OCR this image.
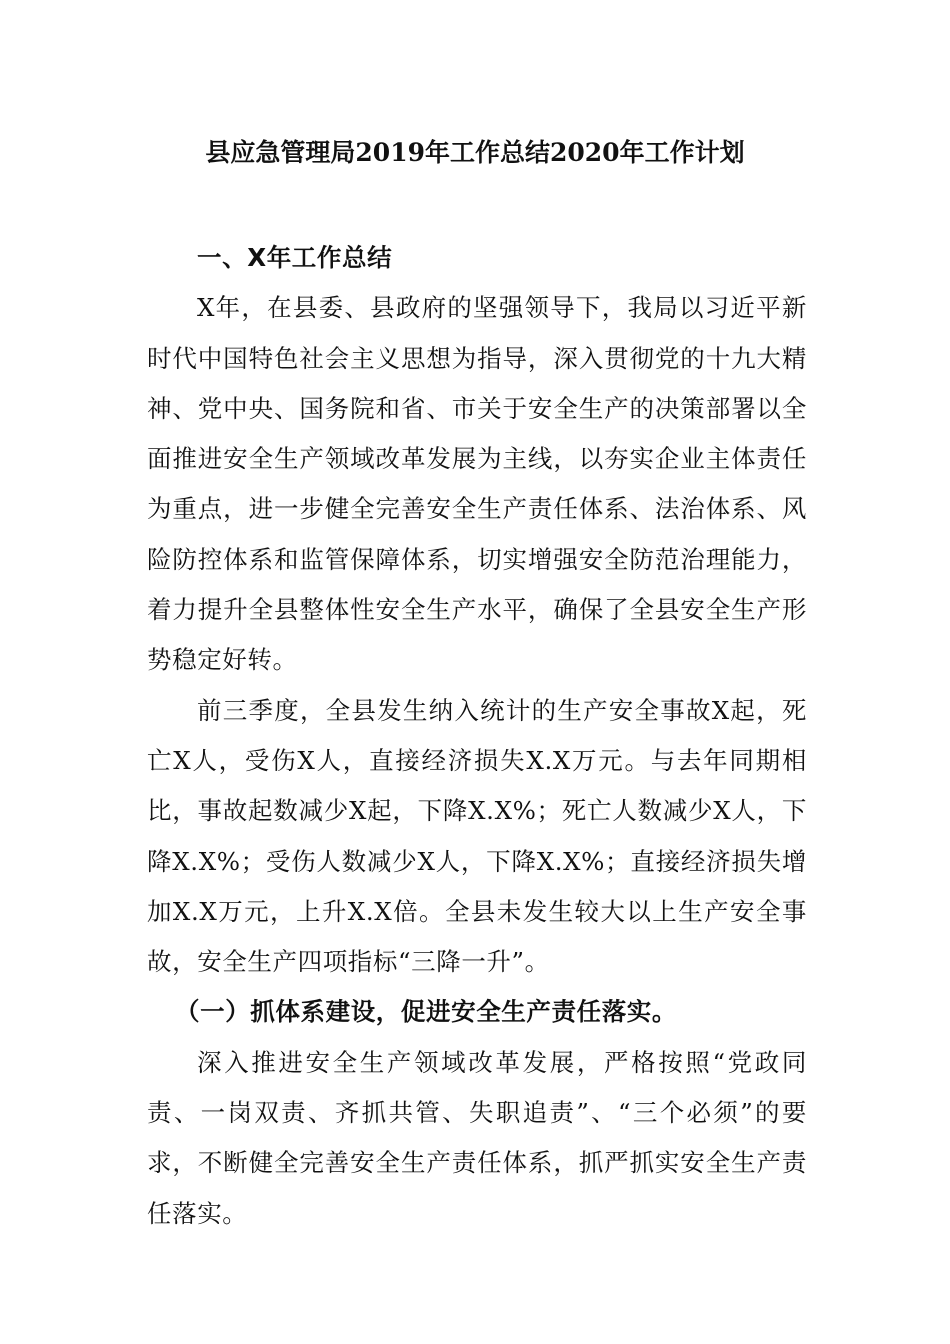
县应急管理局2019年工作总结2020年工作计划

一、X年工作总结

X年，在县委、县政府的坚强领导下，我局以习近平新时代中国特色社会主义思想为指导，深入贯彻党的十九大精神、党中央、国务院和省、市关于安全生产的决策部署以全面推进安全生产领域改革发展为主线，以夯实企业主体责任为重点，进一步健全完善安全生产责任体系、法治体系、风险防控体系和监管保障体系，切实增强安全防范治理能力，着力提升全县整体性安全生产水平，确保了全县安全生产形势稳定好转。

前三季度，全县发生纳入统计的生产安全事故X起，死亡X人，受伤X人，直接经济损失X.X万元。与去年同期相比，事故起数减少X起，下降X.X%；死亡人数减少X人，下降X.X%；受伤人数减少X人，下降X.X%；直接经济损失增加X.X万元，上升X.X倍。全县未发生较大以上生产安全事故，安全生产四项指标“三降一升”。

（一）抓体系建设，促进安全生产责任落实。

深入推进安全生产领域改革发展，严格按照“党政同责、一岗双责、齐抓共管、失职追责”、“三个必须”的要求，不断健全完善安全生产责任体系，抓严抓实安全生产责任落实。
